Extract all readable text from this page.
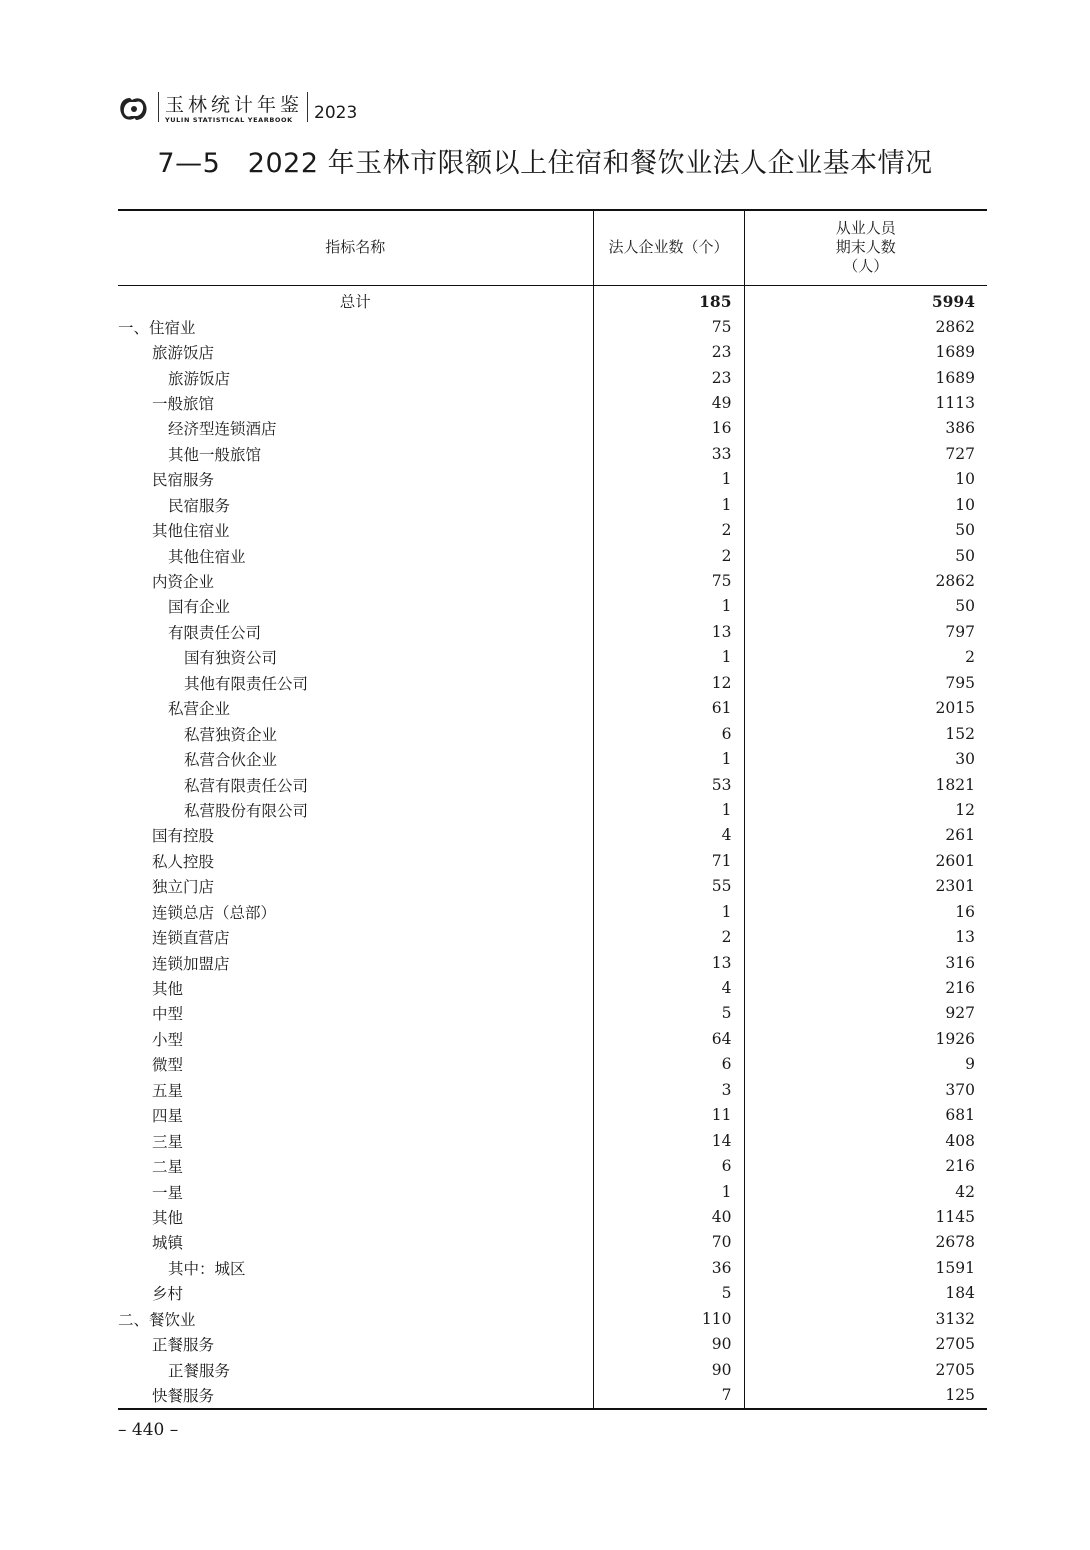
玉林统计年鉴
YULIN STATISTICAL YEARBOOK	2023
7—5　2022 年玉林市限额以上住宿和餐饮业法人企业基本情况
指标名称	法人企业数（个）	从业人员
期末人数
（人）
总计	185	5994
一、住宿业	75	2862
旅游饭店	23	1689
旅游饭店	23	1689
一般旅馆	49	1113
经济型连锁酒店	16	386
其他一般旅馆	33	727
民宿服务	1	10
民宿服务	1	10
其他住宿业	2	50
其他住宿业	2	50
内资企业	75	2862
国有企业	1	50
有限责任公司	13	797
国有独资公司	1	2
其他有限责任公司	12	795
私营企业	61	2015
私营独资企业	6	152
私营合伙企业	1	30
私营有限责任公司	53	1821
私营股份有限公司	1	12
国有控股	4	261
私人控股	71	2601
独立门店	55	2301
连锁总店（总部）	1	16
连锁直营店	2	13
连锁加盟店	13	316
其他	4	216
中型	5	927
小型	64	1926
微型	6	9
五星	3	370
四星	11	681
三星	14	408
二星	6	216
一星	1	42
其他	40	1145
城镇	70	2678
其中：城区	36	1591
乡村	5	184
二、餐饮业	110	3132
正餐服务	90	2705
正餐服务	90	2705
快餐服务	7	125
– 440 –
